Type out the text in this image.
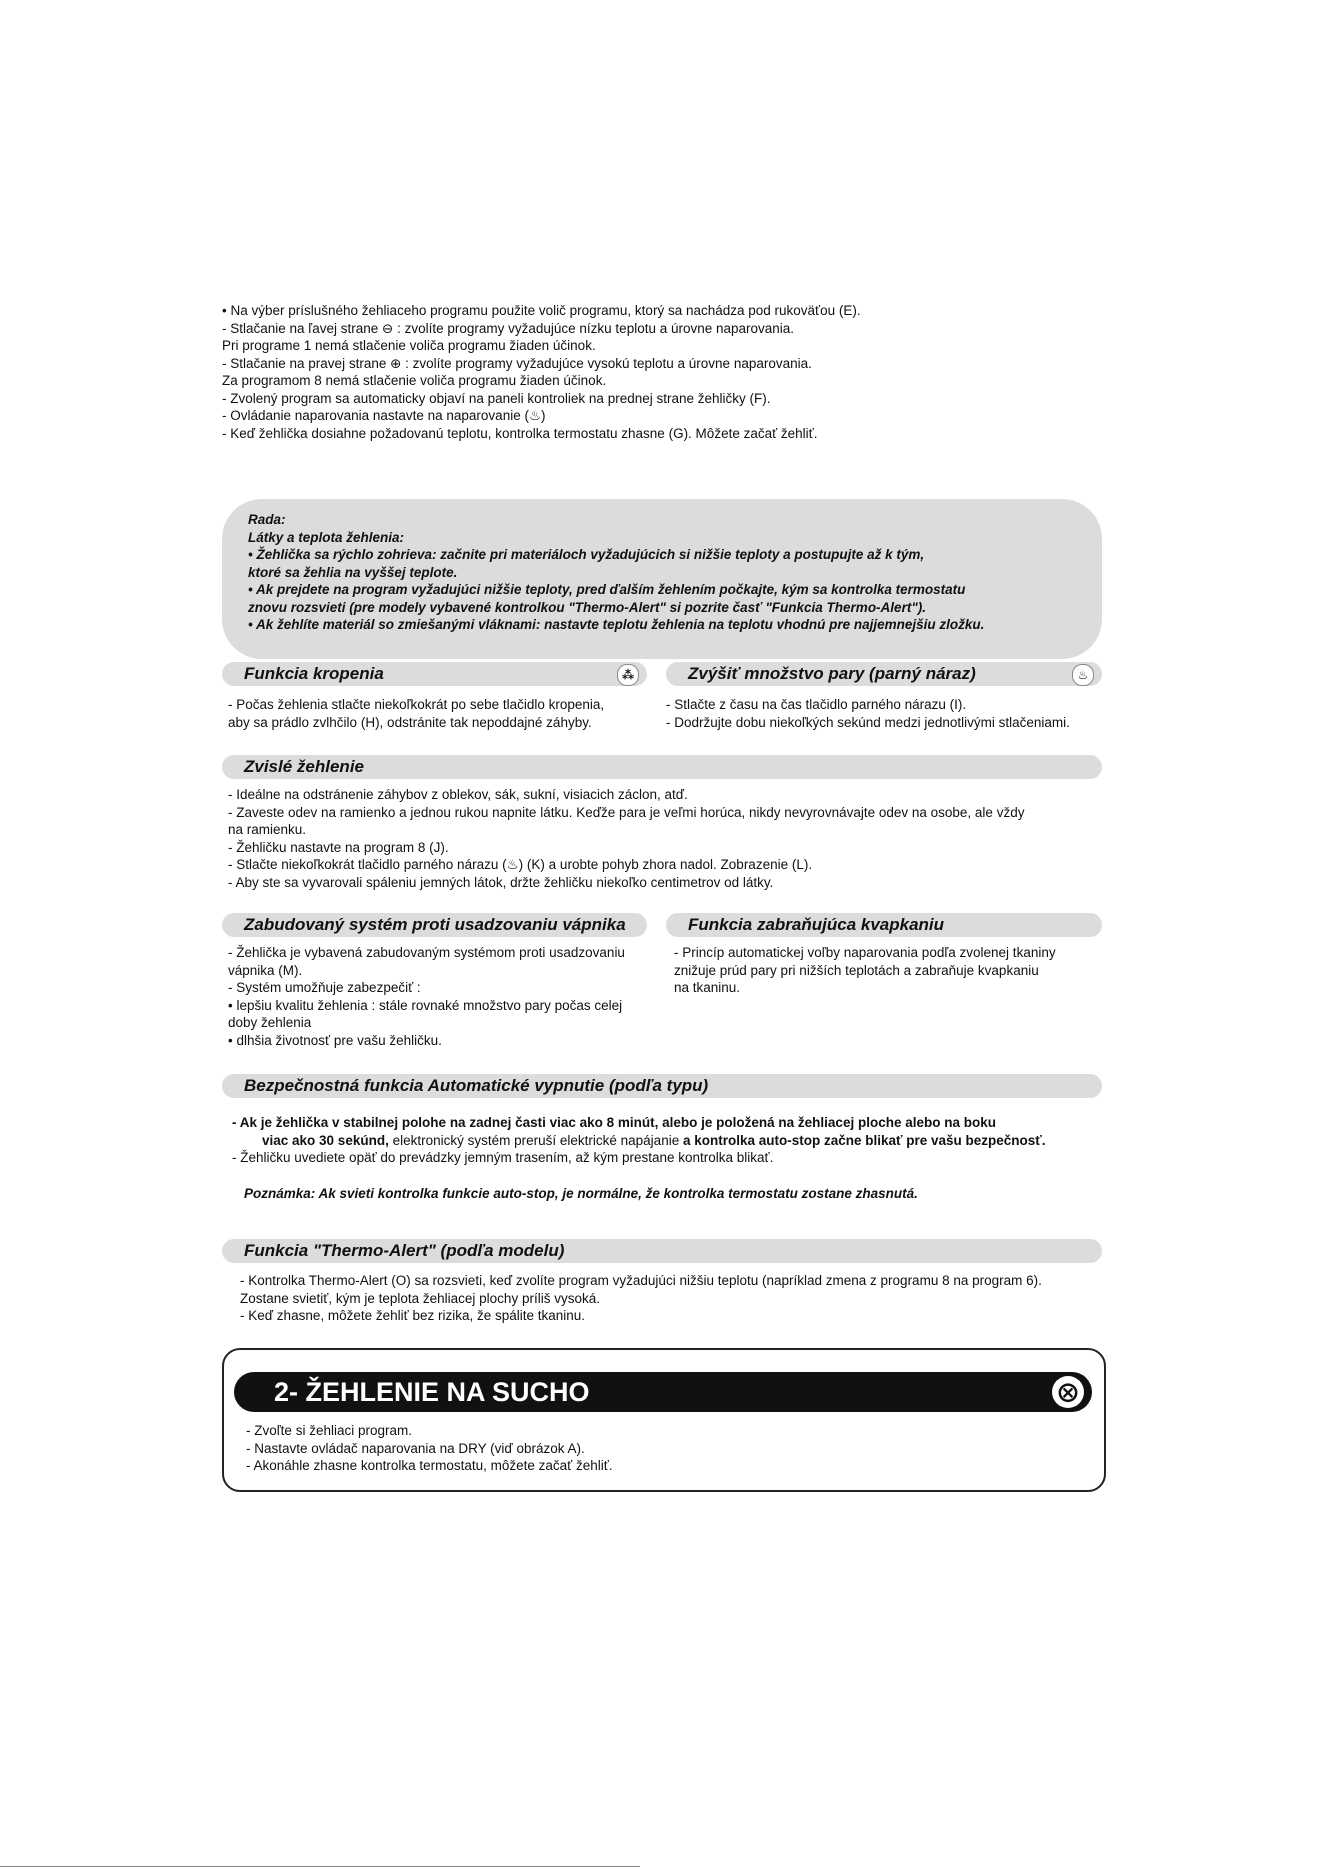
• Na výber príslušného žehliaceho programu použite volič programu, ktorý sa nachádza pod rukoväťou (E).
- Stlačanie na ľavej strane ⊖ : zvolíte programy vyžadujúce nízku teplotu a úrovne naparovania.
Pri programe 1 nemá stlačenie voliča programu žiaden účinok.
- Stlačanie na pravej strane ⊕ : zvolíte programy vyžadujúce vysokú teplotu a úrovne naparovania.
Za programom 8 nemá stlačenie voliča programu žiaden účinok.
- Zvolený program sa automaticky objaví na paneli kontroliek na prednej strane žehličky (F).
- Ovládanie naparovania nastavte na naparovanie (♨)
- Keď žehlička dosiahne požadovanú teplotu, kontrolka termostatu zhasne (G). Môžete začať žehliť.
Rada:
Látky a teplota žehlenia:
• Žehlička sa rýchlo zohrieva: začnite pri materiáloch vyžadujúcich si nižšie teploty a postupujte až k tým,
ktoré sa žehlia na vyššej teplote.
• Ak prejdete na program vyžadujúci nižšie teploty, pred ďalším žehlením počkajte, kým sa kontrolka termostatu
znovu rozsvieti (pre modely vybavené kontrolkou "Thermo-Alert" si pozrite časť "Funkcia Thermo-Alert").
• Ak žehlíte materiál so zmiešanými vláknami: nastavte teplotu žehlenia na teplotu vhodnú pre najjemnejšiu zložku.
Funkcia kropenia	⁂
- Počas žehlenia stlačte niekoľkokrát po sebe tlačidlo kropenia,
aby sa prádlo zvlhčilo (H), odstránite tak nepoddajné záhyby.
Zvýšiť množstvo pary (parný náraz)	♨
- Stlačte z času na čas tlačidlo parného nárazu (I).
- Dodržujte dobu niekoľkých sekúnd medzi jednotlivými stlačeniami.
Zvislé žehlenie
- Ideálne na odstránenie záhybov z oblekov, sák, sukní, visiacich záclon, atď.
- Zaveste odev na ramienko a jednou rukou napnite látku. Keďže para je veľmi horúca, nikdy nevyrovnávajte odev na osobe, ale vždy
na ramienku.
- Žehličku nastavte na program 8 (J).
- Stlačte niekoľkokrát tlačidlo parného nárazu (♨) (K) a urobte pohyb zhora nadol. Zobrazenie (L).
- Aby ste sa vyvarovali spáleniu jemných látok, držte žehličku niekoľko centimetrov od látky.
Zabudovaný systém proti usadzovaniu vápnika
- Žehlička je vybavená zabudovaným systémom proti usadzovaniu
vápnika (M).
- Systém umožňuje zabezpečiť :
• lepšiu kvalitu žehlenia : stále rovnaké množstvo pary počas celej
doby žehlenia
• dlhšia životnosť pre vašu žehličku.
Funkcia zabraňujúca kvapkaniu
- Princíp automatickej voľby naparovania podľa zvolenej tkaniny
znižuje prúd pary pri nižších teplotách a zabraňuje kvapkaniu
na tkaninu.
Bezpečnostná funkcia Automatické vypnutie (podľa typu)
- Ak je žehlička v stabilnej polohe na zadnej časti viac ako 8 minút, alebo je položená na žehliacej ploche alebo na boku
viac ako 30 sekúnd, elektronický systém preruší elektrické napájanie a kontrolka auto-stop začne blikať pre vašu bezpečnosť.
- Žehličku uvediete opäť do prevádzky jemným trasením, až kým prestane kontrolka blikať.
Poznámka: Ak svieti kontrolka funkcie auto-stop, je normálne, že kontrolka termostatu zostane zhasnutá.
Funkcia "Thermo-Alert" (podľa modelu)
- Kontrolka Thermo-Alert (O) sa rozsvieti, keď zvolíte program vyžadujúci nižšiu teplotu (napríklad zmena z programu 8 na program 6).
Zostane svietiť, kým je teplota žehliacej plochy príliš vysoká.
- Keď zhasne, môžete žehliť bez rizika, že spálite tkaninu.
2- ŽEHLENIE NA SUCHO	⨂
- Zvoľte si žehliaci program.
- Nastavte ovládač naparovania na DRY (viď obrázok A).
- Akonáhle zhasne kontrolka termostatu, môžete začať žehliť.
